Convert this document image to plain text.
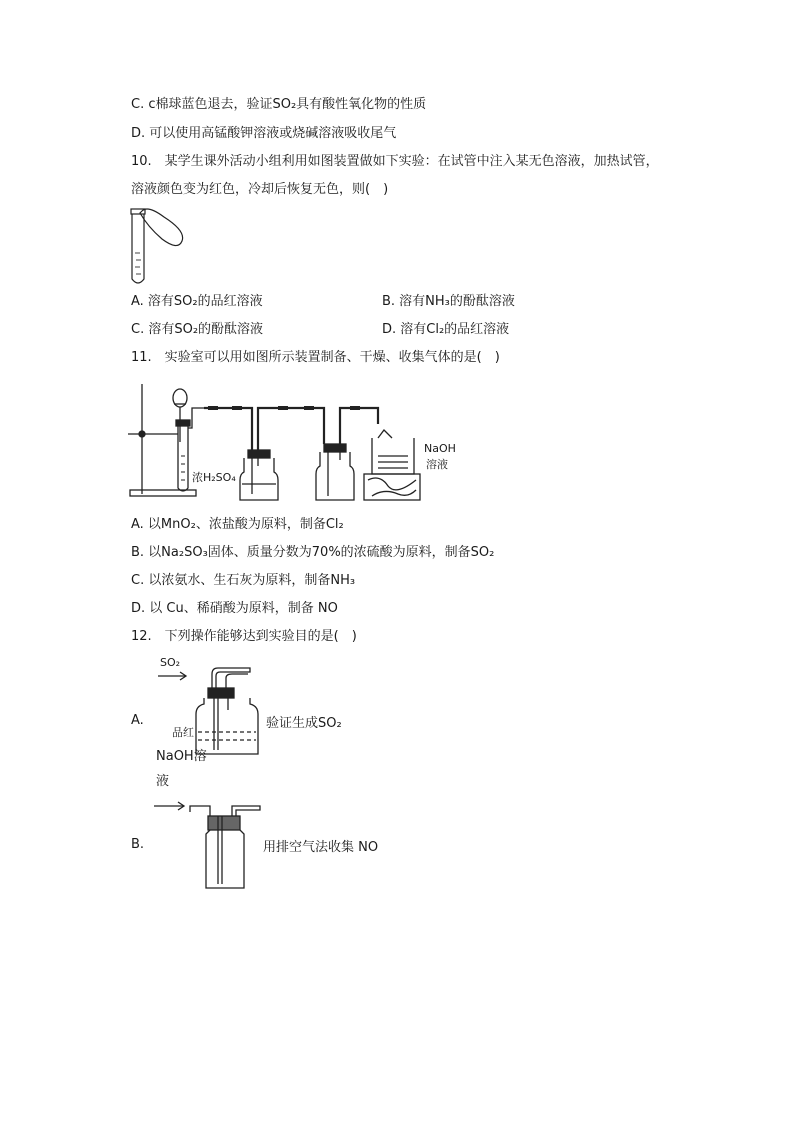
C. c棉球蓝色退去，验证SO₂具有酸性氧化物的性质
D. 可以使用高锰酸钾溶液或烧碱溶液吸收尾气
10.　某学生课外活动小组利用如图装置做如下实验：在试管中注入某无色溶液，加热试管，
溶液颜色变为红色，冷却后恢复无色，则(　)
A. 溶有SO₂的品红溶液	B. 溶有NH₃的酚酞溶液
C. 溶有SO₂的酚酞溶液	D. 溶有Cl₂的品红溶液
11.　实验室可以用如图所示装置制备、干燥、收集气体的是(　)
浓H₂SO₄
NaOH
溶液
A. 以MnO₂、浓盐酸为原料，制备Cl₂
B. 以Na₂SO₃固体、质量分数为70%的浓硫酸为原料，制备SO₂
C. 以浓氨水、生石灰为原料，制备NH₃
D. 以 Cu、稀硝酸为原料，制备 NO
12.　下列操作能够达到实验目的是(　)
A.
SO₂
品红
NaOH溶
液
验证生成SO₂
B.	用排空气法收集 NO
